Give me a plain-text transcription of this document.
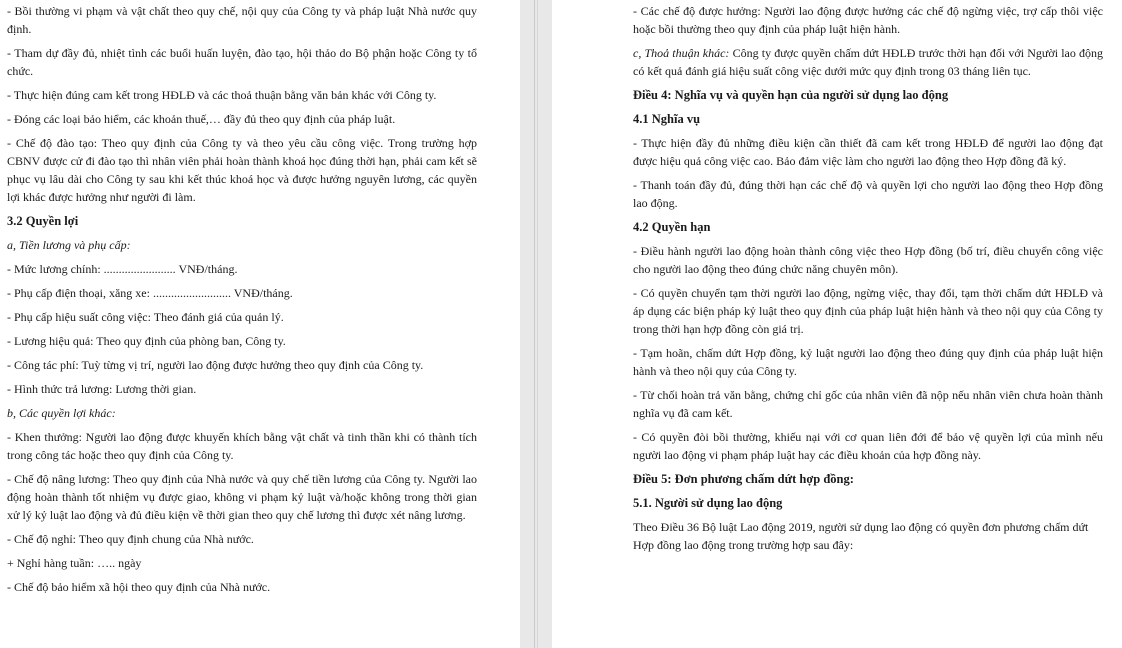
- Bồi thường vi phạm và vật chất theo quy chế, nội quy của Công ty và pháp luật Nhà nước quy định.

- Tham dự đầy đủ, nhiệt tình các buổi huấn luyện, đào tạo, hội thảo do Bộ phận hoặc Công ty tổ chức.

- Thực hiện đúng cam kết trong HĐLĐ và các thoả thuận bằng văn bản khác với Công ty.

- Đóng các loại bảo hiểm, các khoản thuế,… đầy đủ theo quy định của pháp luật.

- Chế độ đào tạo: Theo quy định của Công ty và theo yêu cầu công việc. Trong trường hợp CBNV được cử đi đào tạo thì nhân viên phải hoàn thành khoá học đúng thời hạn, phải cam kết sẽ phục vụ lâu dài cho Công ty sau khi kết thúc khoá học và được hưởng nguyên lương, các quyền lợi khác được hưởng như người đi làm.

3.2 Quyền lợi

a, Tiền lương và phụ cấp:

- Mức lương chính: ........................ VNĐ/tháng.

- Phụ cấp điện thoại, xăng xe: .......................... VNĐ/tháng.

- Phụ cấp hiệu suất công việc: Theo đánh giá của quản lý.

- Lương hiệu quả: Theo quy định của phòng ban, Công ty.

- Công tác phí: Tuỳ từng vị trí, người lao động được hưởng theo quy định của Công ty.

- Hình thức trả lương: Lương thời gian.

b, Các quyền lợi khác:

- Khen thưởng: Người lao động được khuyến khích bằng vật chất và tinh thần khi có thành tích trong công tác hoặc theo quy định của Công ty.

- Chế độ nâng lương: Theo quy định của Nhà nước và quy chế tiền lương của Công ty. Người lao động hoàn thành tốt nhiệm vụ được giao, không vi phạm kỷ luật và/hoặc không trong thời gian xử lý kỷ luật lao động và đủ điều kiện về thời gian theo quy chế lương thì được xét nâng lương.

- Chế độ nghỉ: Theo quy định chung của Nhà nước.

+ Nghỉ hàng tuần: ….. ngày

- Chế độ bảo hiểm xã hội theo quy định của Nhà nước.

- Các chế độ được hưởng: Người lao động được hưởng các chế độ ngừng việc, trợ cấp thôi việc hoặc bồi thường theo quy định của pháp luật hiện hành.

c, Thoả thuận khác: Công ty được quyền chấm dứt HĐLĐ trước thời hạn đối với Người lao động có kết quả đánh giá hiệu suất công việc dưới mức quy định trong 03 tháng liên tục.

Điều 4: Nghĩa vụ và quyền hạn của người sử dụng lao động

4.1 Nghĩa vụ

- Thực hiện đầy đủ những điều kiện cần thiết đã cam kết trong HĐLĐ để người lao động đạt được hiệu quả công việc cao. Bảo đảm việc làm cho người lao động theo Hợp đồng đã ký.

- Thanh toán đầy đủ, đúng thời hạn các chế độ và quyền lợi cho người lao động theo Hợp đồng lao động.

4.2 Quyền hạn

- Điều hành người lao động hoàn thành công việc theo Hợp đồng (bố trí, điều chuyển công việc cho người lao động theo đúng chức năng chuyên môn).

- Có quyền chuyển tạm thời người lao động, ngừng việc, thay đổi, tạm thời chấm dứt HĐLĐ và áp dụng các biện pháp kỷ luật theo quy định của pháp luật hiện hành và theo nội quy của Công ty trong thời hạn hợp đồng còn giá trị.

- Tạm hoãn, chấm dứt Hợp đồng, kỷ luật người lao động theo đúng quy định của pháp luật hiện hành và theo nội quy của Công ty.

- Từ chối hoàn trả văn bằng, chứng chỉ gốc của nhân viên đã nộp nếu nhân viên chưa hoàn thành nghĩa vụ đã cam kết.

- Có quyền đòi bồi thường, khiếu nại với cơ quan liên đới để bảo vệ quyền lợi của mình nếu người lao động vi phạm pháp luật hay các điều khoản của hợp đồng này.

Điều 5: Đơn phương chấm dứt hợp đồng:

5.1. Người sử dụng lao động

Theo Điều 36 Bộ luật Lao động 2019, người sử dụng lao động có quyền đơn phương chấm dứt Hợp đồng lao động trong trường hợp sau đây:
